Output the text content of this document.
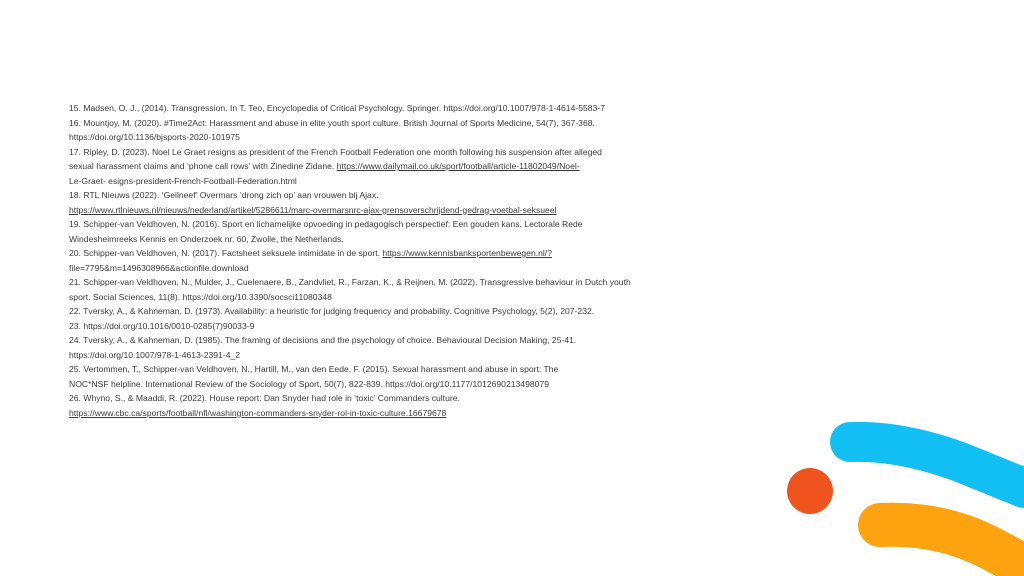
15. Madsen, O. J., (2014). Transgression. In T. Teo, Encyclopedia of Critical Psychology. Springer. https://doi.org/10.1007/978-1-4614-5583-7
16. Mountjoy, M. (2020). #Time2Act: Harassment and abuse in elite youth sport culture. British Journal of Sports Medicine, 54(7), 367-368.
https://doi.org/10.1136/bjsports-2020-101975
17. Ripley, D. (2023). Noel Le Graet resigns as president of the French Football Federation one month following his suspension after alleged
sexual harassment claims and ‘phone call rows’ with Zinedine Zidane. https://www.dailymail.co.uk/sport/football/article-11802049/Noel-
Le-Graet- esigns-president-French-Football-Federation.html
18. RTL Nieuws (2022). ‘Geilneef’ Overmars ‘drong zich op’ aan vrouwen bij Ajax.
https://www.rtlnieuws.nl/nieuws/nederland/artikel/5286611/marc-overmarsnrc-ajax-grensoverschrijdend-gedrag-voetbal-seksueel
19. Schipper-van Veldhoven, N. (2016). Sport en lichamelijke opvoeding in pedagogisch perspectief: Een gouden kans. Lectorale Rede
Windesheimreeks Kennis en Onderzoek nr. 60, Zwolle, the Netherlands.
20. Schipper-van Veldhoven, N. (2017). Factsheet seksuele intimidate in de sport. https://www.kennisbanksportenbewegen.nl/?
file=7795&m=1496308966&actionfile.download
21. Schipper-van Veldhoven, N., Mulder, J., Cuelenaere, B., Zandvliet, R., Farzan, K., & Reijnen, M. (2022). Transgressive behaviour in Dutch youth
sport. Social Sciences, 11(8). https://doi.org/10.3390/socsci11080348
22. Tversky, A., & Kahneman, D. (1973). Availability: a heuristic for judging frequency and probability. Cognitive Psychology, 5(2), 207-232.
23. https://doi.org/10.1016/0010-0285(7)90033-9
24. Tversky, A., & Kahneman, D. (1985). The framing of decisions and the psychology of choice. Behavioural Decision Making, 25-41.
https://doi.org/10.1007/978-1-4613-2391-4_2
25. Vertommen, T., Schipper-van Veldhoven, N., Hartill, M., van den Eede, F. (2015). Sexual harassment and abuse in sport: The
NOC*NSF helpline. International Review of the Sociology of Sport, 50(7), 822-839. https://doi.org/10.1177/1012690213498079
26. Whyno, S., & Maaddi, R. (2022). House report: Dan Snyder had role in ‘toxic’ Commanders culture.
https://www.cbc.ca/sports/football/nfl/washington-commanders-snyder-rol-in-toxic-culture.16679678
